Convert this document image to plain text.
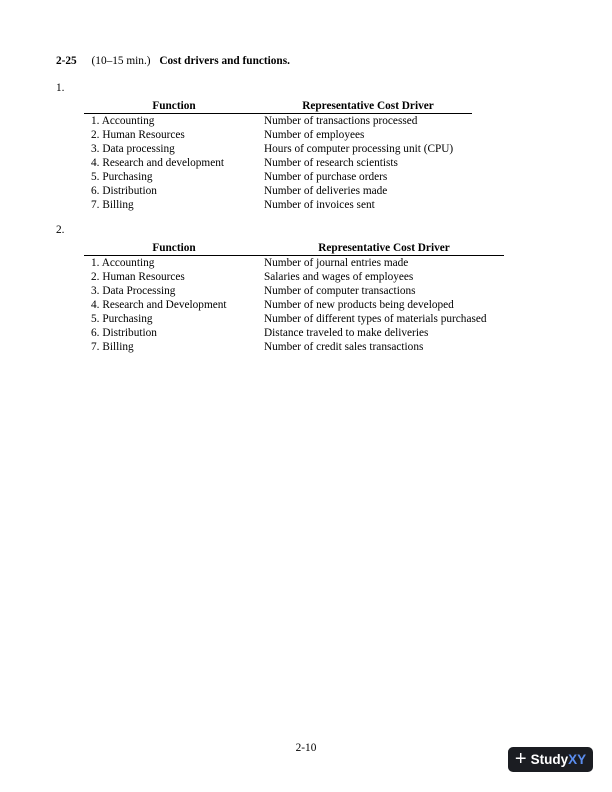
2-25 (10–15 min.) Cost drivers and functions.
1.
Function	Representative Cost Driver
1. Accounting	Number of transactions processed
2. Human Resources	Number of employees
3. Data processing	Hours of computer processing unit (CPU)
4. Research and development	Number of research scientists
5. Purchasing	Number of purchase orders
6. Distribution	Number of deliveries made
7. Billing	Number of invoices sent
2.
Function	Representative Cost Driver
1. Accounting	Number of journal entries made
2. Human Resources	Salaries and wages of employees
3. Data Processing	Number of computer transactions
4. Research and Development	Number of new products being developed
5. Purchasing	Number of different types of materials purchased
6. Distribution	Distance traveled to make deliveries
7. Billing	Number of credit sales transactions
2-10	+ StudyXY
